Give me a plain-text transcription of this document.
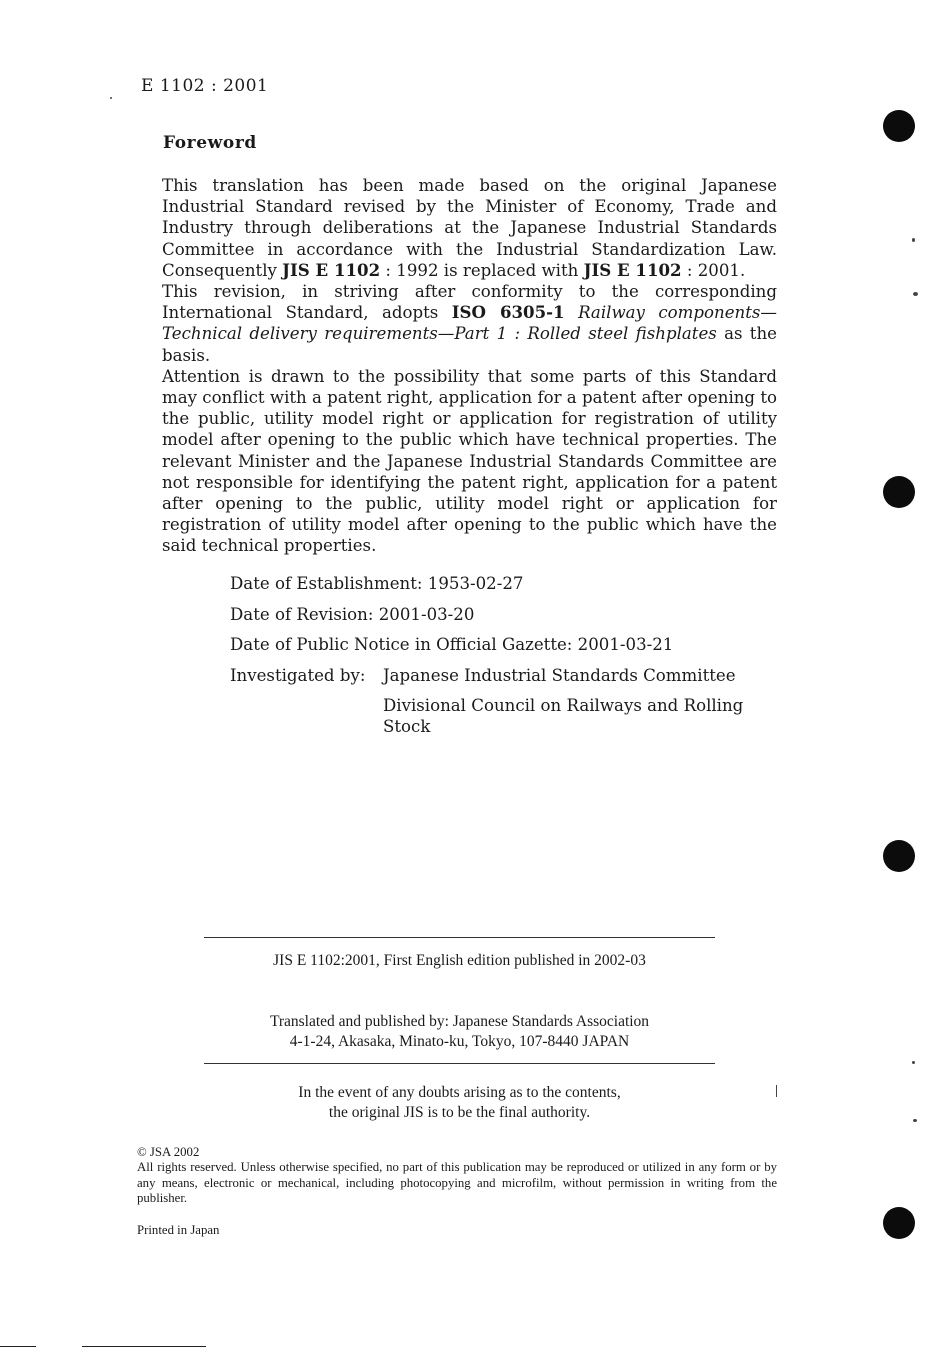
E 1102 : 2001
Foreword

This translation has been made based on the original Japanese Industrial Standard revised by the Minister of Economy, Trade and Industry through deliberations at the Japanese Industrial Standards Committee in accordance with the Industrial Standardization Law. Consequently JIS E 1102 : 1992 is replaced with JIS E 1102 : 2001.

This revision, in striving after conformity to the corresponding International Standard, adopts ISO 6305-1 Railway components—Technical delivery requirements—Part 1 : Rolled steel fishplates as the basis.

Attention is drawn to the possibility that some parts of this Standard may conflict with a patent right, application for a patent after opening to the public, utility model right or application for registration of utility model after opening to the public which have technical properties. The relevant Minister and the Japanese Industrial Standards Committee are not responsible for identifying the patent right, application for a patent after opening to the public, utility model right or application for registration of utility model after opening to the public which have the said technical properties.

Date of Establishment: 1953-02-27
Date of Revision: 2001-03-20
Date of Public Notice in Official Gazette: 2001-03-21
Investigated by:	Japanese Industrial Standards Committee
Divisional Council on Railways and Rolling Stock
JIS E 1102:2001, First English edition published in 2002-03
Translated and published by: Japanese Standards Association
4-1-24, Akasaka, Minato-ku, Tokyo, 107-8440 JAPAN
In the event of any doubts arising as to the contents,
the original JIS is to be the final authority.

© JSA 2002

All rights reserved. Unless otherwise specified, no part of this publication may be reproduced or utilized in any form or by any means, electronic or mechanical, including photocopying and microfilm, without permission in writing from the publisher.

Printed in Japan
